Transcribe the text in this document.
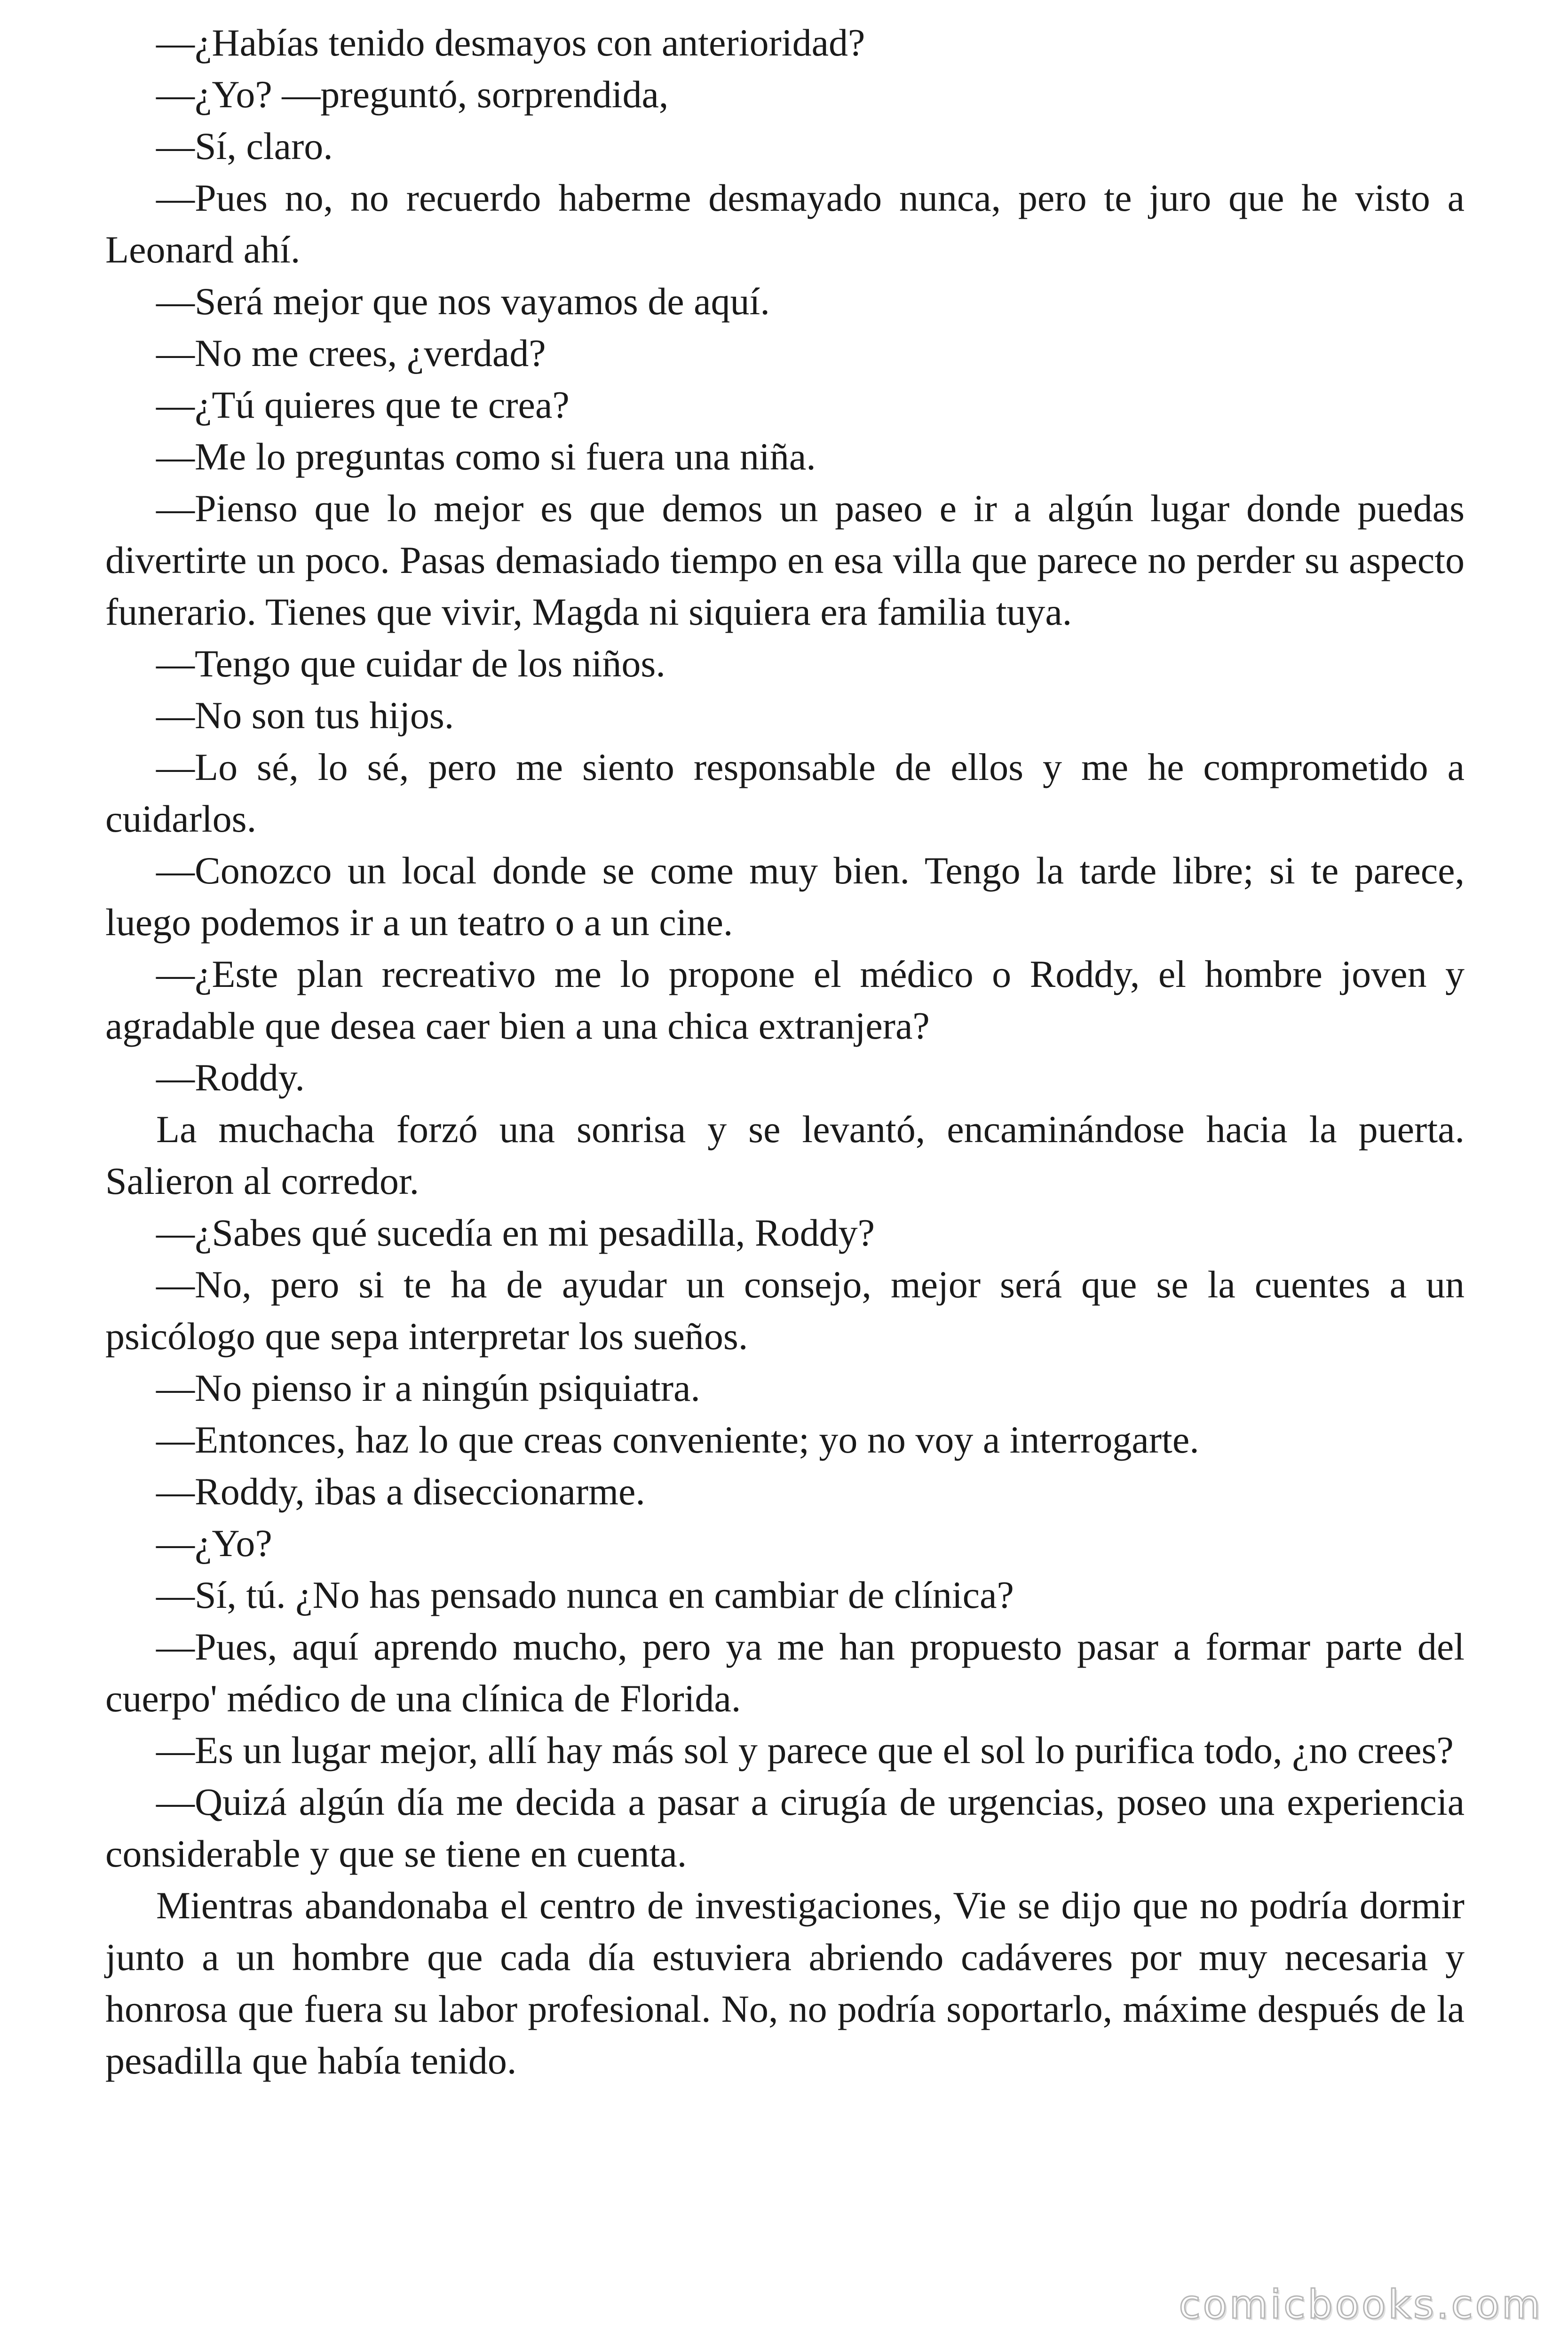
—¿Habías tenido desmayos con anterioridad?

—¿Yo? —preguntó, sorprendida,

—Sí, claro.

—Pues no, no recuerdo haberme desmayado nunca, pero te juro que he visto a Leonard ahí.

—Será mejor que nos vayamos de aquí.

—No me crees, ¿verdad?

—¿Tú quieres que te crea?

—Me lo preguntas como si fuera una niña.

—Pienso que lo mejor es que demos un paseo e ir a algún lugar donde puedas divertirte un poco. Pasas demasiado tiempo en esa villa que parece no perder su aspecto funerario. Tienes que vivir, Magda ni siquiera era familia tuya.

—Tengo que cuidar de los niños.

—No son tus hijos.

—Lo sé, lo sé, pero me siento responsable de ellos y me he comprometido a cuidarlos.

—Conozco un local donde se come muy bien. Tengo la tarde libre; si te parece, luego podemos ir a un teatro o a un cine.

—¿Este plan recreativo me lo propone el médico o Roddy, el hombre joven y agradable que desea caer bien a una chica extranjera?

—Roddy.

La muchacha forzó una sonrisa y se levantó, encaminándose hacia la puerta. Salieron al corredor.

—¿Sabes qué sucedía en mi pesadilla, Roddy?

—No, pero si te ha de ayudar un consejo, mejor será que se la cuentes a un psicólogo que sepa interpretar los sueños.

—No pienso ir a ningún psiquiatra.

—Entonces, haz lo que creas conveniente; yo no voy a interrogarte.

—Roddy, ibas a diseccionarme.

—¿Yo?

—Sí, tú. ¿No has pensado nunca en cambiar de clínica?

—Pues, aquí aprendo mucho, pero ya me han propuesto pasar a formar parte del cuerpo' médico de una clínica de Florida.

—Es un lugar mejor, allí hay más sol y parece que el sol lo purifica todo, ¿no crees?

—Quizá algún día me decida a pasar a cirugía de urgencias, poseo una experiencia considerable y que se tiene en cuenta.

Mientras abandonaba el centro de investigaciones, Vie se dijo que no podría dormir junto a un hombre que cada día estuviera abriendo cadáveres por muy necesaria y honrosa que fuera su labor profesional. No, no podría soportarlo, máxime después de la pesadilla que había tenido.

comicbooks.com
